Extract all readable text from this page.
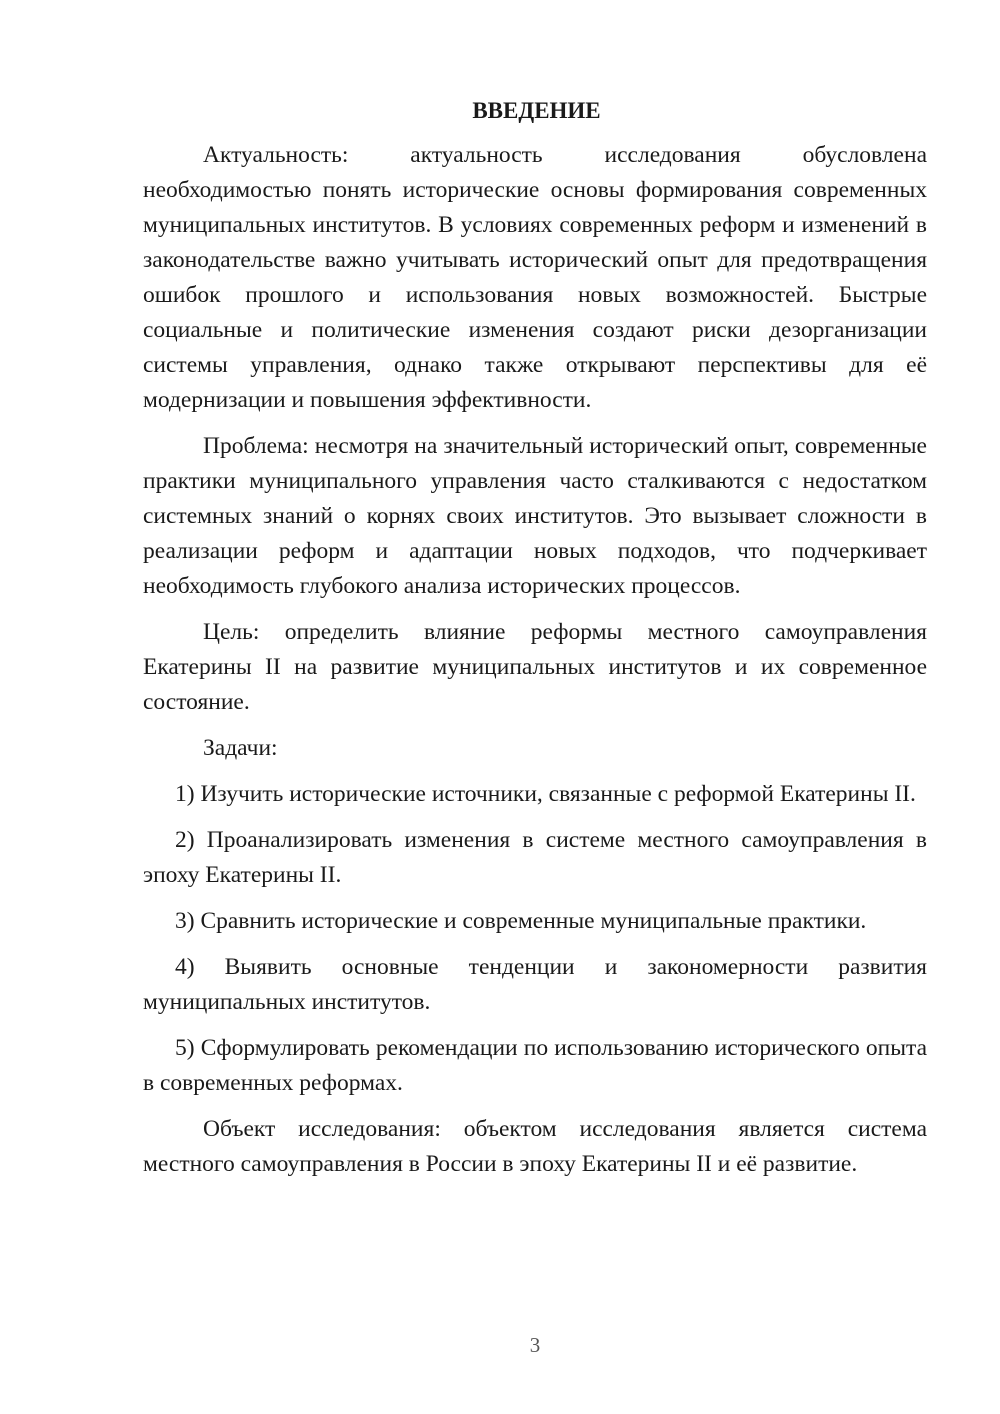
ВВЕДЕНИЕ

Актуальность: актуальность исследования обусловлена необходимостью понять исторические основы формирования современных муниципальных институтов. В условиях современных реформ и изменений в законодательстве важно учитывать исторический опыт для предотвращения ошибок прошлого и использования новых возможностей. Быстрые социальные и политические изменения создают риски дезорганизации системы управления, однако также открывают перспективы для её модернизации и повышения эффективности.

Проблема: несмотря на значительный исторический опыт, современные практики муниципального управления часто сталкиваются с недостатком системных знаний о корнях своих институтов. Это вызывает сложности в реализации реформ и адаптации новых подходов, что подчеркивает необходимость глубокого анализа исторических процессов.

Цель: определить влияние реформы местного самоуправления Екатерины II на развитие муниципальных институтов и их современное состояние.

Задачи:

1) Изучить исторические источники, связанные с реформой Екатерины II.

2) Проанализировать изменения в системе местного самоуправления в эпоху Екатерины II.

3) Сравнить исторические и современные муниципальные практики.

4) Выявить основные тенденции и закономерности развития муниципальных институтов.

5) Сформулировать рекомендации по использованию исторического опыта в современных реформах.

Объект исследования: объектом исследования является система местного самоуправления в России в эпоху Екатерины II и её развитие.

3
